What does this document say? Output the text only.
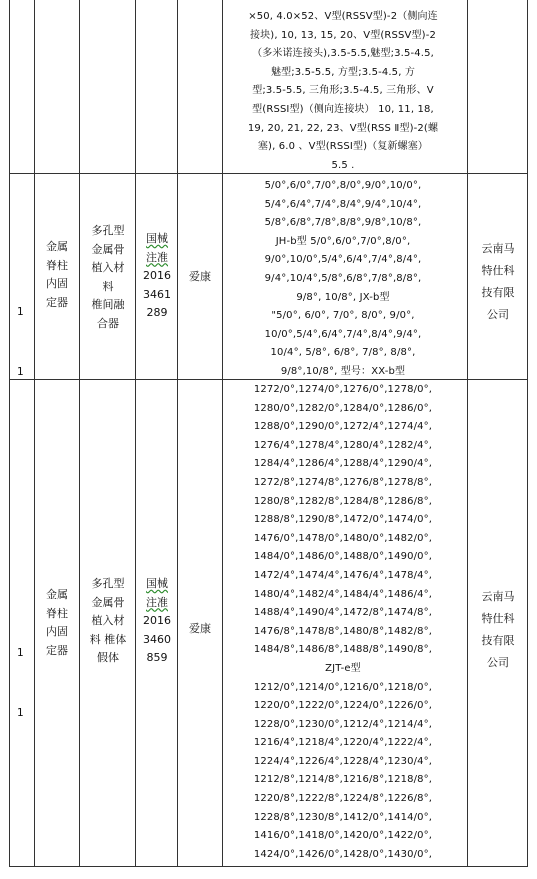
×50, 4.0×52、V型(RSSⅤ型)-2（侧向连
接块), 10, 13, 15, 20、V型(RSSⅤ型)-2
（多米诺连接头),3.5-5.5,魅型;3.5-4.5,
魅型;3.5-5.5, 方型;3.5-4.5, 方
型;3.5-5.5, 三角形;3.5-4.5, 三角形、V
型(RSSⅠ型)（侧向连接块） 10, 11, 18,
19, 20, 21, 22, 23、V型(RSS Ⅱ型)-2(螺
塞), 6.0 、V型(RSSⅠ型)（复新螺塞）
5.5 .

1

1

金属
脊柱
内固
定器
多孔型
金属骨
植入材
料
椎间融
合器
国械
注准
2016
3461
289
爱康
5/0°,6/0°,7/0°,8/0°,9/0°,10/0°,
5/4°,6/4°,7/4°,8/4°,9/4°,10/4°,
5/8°,6/8°,7/8°,8/8°,9/8°,10/8°,
JH-b型 5/0°,6/0°,7/0°,8/0°,
9/0°,10/0°,5/4°,6/4°,7/4°,8/4°,
9/4°,10/4°,5/8°,6/8°,7/8°,8/8°,
9/8°, 10/8°, JX-b型
"5/0°, 6/0°, 7/0°, 8/0°, 9/0°,
10/0°,5/4°,6/4°,7/4°,8/4°,9/4°,
10/4°, 5/8°, 6/8°, 7/8°, 8/8°,
9/8°,10/8°, 型号：XX-b型
云南马
特仕科
技有限
公司

1

1

金属
脊柱
内固
定器
多孔型
金属骨
植入材
料 椎体
假体
国械
注准
2016
3460
859
爱康
1272/0°,1274/0°,1276/0°,1278/0°,
1280/0°,1282/0°,1284/0°,1286/0°,
1288/0°,1290/0°,1272/4°,1274/4°,
1276/4°,1278/4°,1280/4°,1282/4°,
1284/4°,1286/4°,1288/4°,1290/4°,
1272/8°,1274/8°,1276/8°,1278/8°,
1280/8°,1282/8°,1284/8°,1286/8°,
1288/8°,1290/8°,1472/0°,1474/0°,
1476/0°,1478/0°,1480/0°,1482/0°,
1484/0°,1486/0°,1488/0°,1490/0°,
1472/4°,1474/4°,1476/4°,1478/4°,
1480/4°,1482/4°,1484/4°,1486/4°,
1488/4°,1490/4°,1472/8°,1474/8°,
1476/8°,1478/8°,1480/8°,1482/8°,
1484/8°,1486/8°,1488/8°,1490/8°,
ZJT-e型
1212/0°,1214/0°,1216/0°,1218/0°,
1220/0°,1222/0°,1224/0°,1226/0°,
1228/0°,1230/0°,1212/4°,1214/4°,
1216/4°,1218/4°,1220/4°,1222/4°,
1224/4°,1226/4°,1228/4°,1230/4°,
1212/8°,1214/8°,1216/8°,1218/8°,
1220/8°,1222/8°,1224/8°,1226/8°,
1228/8°,1230/8°,1412/0°,1414/0°,
1416/0°,1418/0°,1420/0°,1422/0°,
1424/0°,1426/0°,1428/0°,1430/0°,
云南马
特仕科
技有限
公司
